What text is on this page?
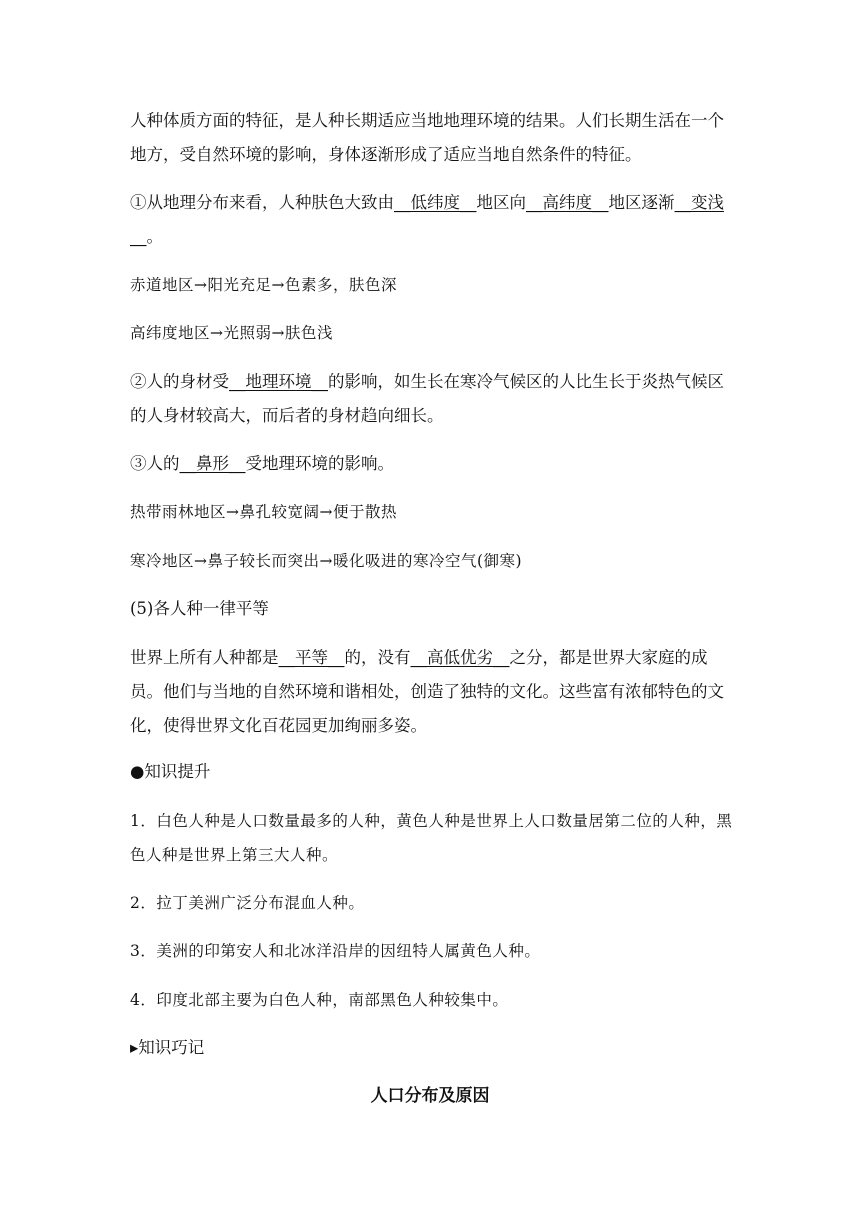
人种体质方面的特征，是人种长期适应当地地理环境的结果。人们长期生活在一个地方，受自然环境的影响，身体逐渐形成了适应当地自然条件的特征。

①从地理分布来看，人种肤色大致由__低纬度__地区向__高纬度__地区逐渐__变浅__。

赤道地区→阳光充足→色素多，肤色深

高纬度地区→光照弱→肤色浅

②人的身材受__地理环境__的影响，如生长在寒冷气候区的人比生长于炎热气候区的人身材较高大，而后者的身材趋向细长。

③人的__鼻形__受地理环境的影响。

热带雨林地区→鼻孔较宽阔→便于散热

寒冷地区→鼻子较长而突出→暖化吸进的寒冷空气(御寒)

(5)各人种一律平等

世界上所有人种都是__平等__的，没有__高低优劣__之分，都是世界大家庭的成员。他们与当地的自然环境和谐相处，创造了独特的文化。这些富有浓郁特色的文化，使得世界文化百花园更加绚丽多姿。

●知识提升

1．白色人种是人口数量最多的人种，黄色人种是世界上人口数量居第二位的人种，黑色人种是世界上第三大人种。

2．拉丁美洲广泛分布混血人种。

3．美洲的印第安人和北冰洋沿岸的因纽特人属黄色人种。

4．印度北部主要为白色人种，南部黑色人种较集中。

▸知识巧记

人口分布及原因
